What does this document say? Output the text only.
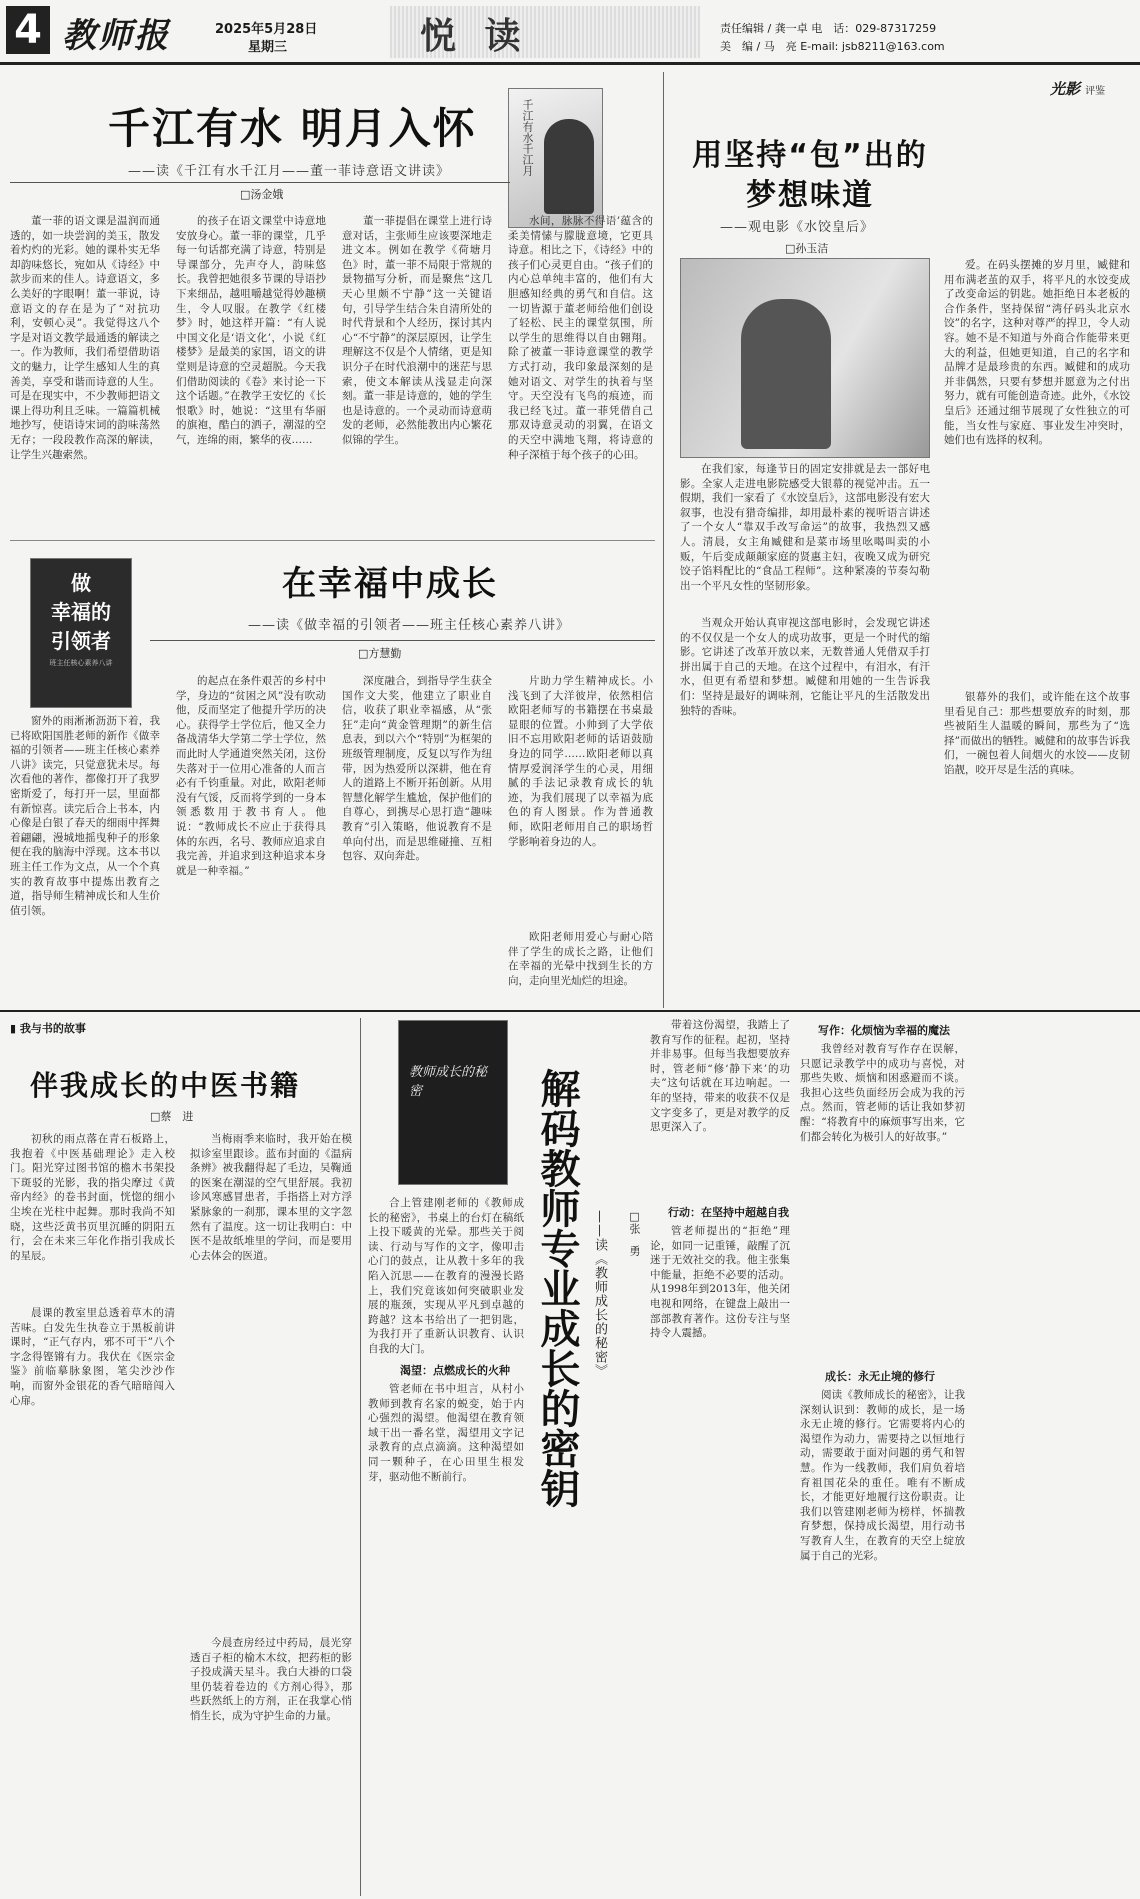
4 教师报	2025年5月28日
星期三	悦 读	责任编辑 / 龚一卓 电　话：029-87317259
美　编 / 马　亮 E-mail: jsb8211@163.com
千江有水 明月入怀	千江有水千江月
——读《千江有水千江月——董一菲诗意语文讲读》
□汤金娥
董一菲的语文课是温润而通透的，如一块尝润的美玉，散发着灼灼的光彩。她的课朴实无华却韵味悠长，宛如从《诗经》中款步而来的佳人。诗意语文，多么美好的字眼啊！董一菲说，诗意语文的存在是为了“对抗功利，安顿心灵”。我觉得这八个字是对语文教学最通透的解读之一。作为教师，我们希望借助语文的魅力，让学生感知人生的真善美，享受和谐而诗意的人生。可是在现实中，不少教师把语文课上得功利且乏味。一篇篇机械地抄写，使语诗宋词的韵味荡然无存；一段段教作高深的解读，让学生兴趣索然。
的孩子在语文课堂中诗意地安放身心。董一菲的课堂，几乎每一句话都充满了诗意，特别是导课部分，先声夺人，韵味悠长。我曾把她很多节课的导语抄下来细品，越咀嚼越觉得妙趣横生，令人叹服。在教学《红楼梦》时，她这样开篇：“有人说中国文化是‘语文化’，小说《红楼梦》是最美的家国，语文的讲堂则是诗意的空灵超脱。今天我们借助阅读的《卷》来讨论一下这个话题。”在教学王安忆的《长恨歌》时，她说：“这里有华丽的旗袍，酷白的洒子，潮湿的空气，连绵的雨，繁华的夜……
董一菲提倡在课堂上进行诗意对话，主张师生应该要深地走进文本。例如在教学《荷塘月色》时，董一菲不局限于常规的景物描写分析，而是聚焦“这几天心里颇不宁静”这一关键语句，引导学生结合朱自清所处的时代背景和个人经历，探讨其内心“不宁静”的深层原因，让学生理解这不仅是个人情绪，更是知识分子在时代浪潮中的迷茫与思索，使文本解读从浅显走向深刻。董一菲是诗意的，她的学生也是诗意的。一个灵动而诗意萌发的老师，必然能教出内心繁花似锦的学生。
水间，脉脉不得语’蕴含的柔美情愫与朦胧意境，它更具诗意。相比之下，《诗经》中的孩子们心灵更自由。“孩子们的内心总单纯丰富的，他们有大胆感知经典的勇气和自信。这一切皆源于董老师给他们创设了轻松、民主的课堂氛围，所以学生的思维得以自由翱翔。除了被董一菲诗意课堂的教学方式打动，我印象最深刻的是她对语文、对学生的执着与坚守。天空没有飞鸟的痕迹，而我已经飞过。董一菲凭借自己那双诗意灵动的羽翼，在语文的天空中满地飞翔，将诗意的种子深植于每个孩子的心田。
光影 评鉴
用坚持“包”出的梦想味道
——观电影《水饺皇后》
□孙玉洁
在我们家，每逢节日的固定安排就是去一部好电影。全家人走进电影院感受大银幕的视觉冲击。五一假期，我们一家看了《水饺皇后》，这部电影没有宏大叙事，也没有猎奇编排，却用最朴素的视听语言讲述了一个女人“靠双手改写命运”的故事，我热烈又感人。清晨，女主角臧健和是菜市场里吆喝叫卖的小贩，午后变成颠颠家庭的贤惠主妇，夜晚又成为研究饺子馅料配比的“食品工程师”。这种紧凑的节奏勾勒出一个平凡女性的坚韧形象。
爱。在码头摆摊的岁月里，臧健和用布满老茧的双手，将平凡的水饺变成了改变命运的钥匙。她拒绝日本老板的合作条件，坚持保留“湾仔码头北京水饺”的名字，这种对尊严的捍卫，令人动容。她不是不知道与外商合作能带来更大的利益，但她更知道，自己的名字和品牌才是最珍贵的东西。臧健和的成功并非偶然，只要有梦想并愿意为之付出努力，就有可能创造奇迹。此外，《水饺皇后》还通过细节展现了女性独立的可能，当女性与家庭、事业发生冲突时，她们也有选择的权利。
当观众开始认真审视这部电影时，会发现它讲述的不仅仅是一个女人的成功故事，更是一个时代的缩影。它讲述了改革开放以来，无数普通人凭借双手打拼出属于自己的天地。在这个过程中，有泪水，有汗水，但更有希望和梦想。臧健和用她的一生告诉我们：坚持是最好的调味剂，它能让平凡的生活散发出独特的香味。
银幕外的我们，或许能在这个故事里看见自己：那些想要放弃的时刻，那些被陌生人温暖的瞬间，那些为了“选择”而做出的牺牲。臧健和的故事告诉我们，一碗包着人间烟火的水饺——皮韧馅靓，咬开尽是生活的真味。
做
幸福的
引领者
班主任核心素养八讲
在幸福中成长
——读《做幸福的引领者——班主任核心素养八讲》
□方慧勤
窗外的雨淅淅沥沥下着，我已将欧阳国胜老师的新作《做幸福的引领者——班主任核心素养八讲》读完，只觉意犹未尽。每次看他的著作，都像打开了我罗密斯爱了，每打开一层，里面都有新惊喜。读完后合上书本，内心像是白银了春天的细雨中挥舞着翩翩，漫城地摇曳种子的形象便在我的脑海中浮现。这本书以班主任工作为文点，从一个个真实的教育故事中提炼出教育之道，指导师生精神成长和人生价值引领。
的起点在条件艰苦的乡村中学，身边的“贫困之风”没有吹动他，反而坚定了他提升学历的决心。获得学士学位后，他又全力备战清华大学第二学士学位，然而此时人学通道突然关闭，这份失落对于一位用心准备的人而言必有千钧重量。对此，欧阳老师没有气馁，反而将学到的一身本领悉数用于教书育人。他说：“教师成长不应止于获得具体的东西，名号、教师应追求自我完善，并追求到这种追求本身就是一种幸福。”
深度融合，到指导学生获全国作文大奖，他建立了职业自信，收获了职业幸福感，从“张狂”走向“黄金管理期”的新生信息表，到以六个“特别”为框架的班级管理制度，反复以写作为纽带，因为热爱所以深耕，他在育人的道路上不断开拓创新。从用智慧化解学生尴尬，保护他们的自尊心，到携尽心思打造“趣味教育”引入策略，他说教育不是单向付出，而是思维碰撞、互相包容、双向奔赴。
片助力学生精神成长。小浅飞到了大洋彼岸，依然相信欧阳老师写的书籍摆在书桌最显眼的位置。小帅到了大学依旧不忘用欧阳老师的话语鼓励身边的同学……欧阳老师以真情厚爱润泽学生的心灵，用细腻的手法记录教育成长的轨迹，为我们展现了以幸福为底色的育人图景。作为普通教师，欧阳老师用自己的职场哲学影响着身边的人。
欧阳老师用爱心与耐心陪伴了学生的成长之路，让他们在幸福的光晕中找到生长的方向，走向里光灿烂的坦途。
▮ 我与书的故事
伴我成长的中医书籍
□蔡　进
初秋的雨点落在青石板路上，我抱着《中医基础理论》走入校门。阳光穿过图书馆的檐木书架投下斑驳的光影，我的指尖摩过《黄帝内经》的卷书封面，恍惚的细小尘埃在光柱中起舞。那时我尚不知晓，这些泛黄书页里沉睡的阴阳五行，会在未来三年化作指引我成长的星辰。
晨课的教室里总透着草木的清苦味。白发先生执卷立于黑板前讲课时，“正气存内，邪不可干”八个字念得铿锵有力。我伏在《医宗金鉴》前临摹脉象图，笔尖沙沙作响，而窗外金银花的香气暗暗闯入心扉。
当梅雨季来临时，我开始在模拟诊室里跟诊。蓝布封面的《温病条辨》被我翻得起了毛边，吴鞠通的医案在潮湿的空气里舒展。我初诊风寒感冒患者，手指搭上对方浮紧脉象的一刹那，课本里的文字忽然有了温度。这一切让我明白：中医不是故纸堆里的学问，而是要用心去体会的医道。
今晨查房经过中药局，晨光穿透百子柜的榆木木纹，把药柜的影子投成满天星斗。我白大褂的口袋里仍装着卷边的《方剂心得》，那些跃然纸上的方剂，正在我掌心悄悄生长，成为守护生命的力量。
教师成长的秘密	解码教师专业成长的密钥 ——读《教师成长的秘密》 □张　勇
合上管建刚老师的《教师成长的秘密》，书桌上的台灯在稿纸上投下暖黄的光晕。那些关于阅读、行动与写作的文字，像叩击心门的鼓点，让从教十多年的我陷入沉思——在教育的漫漫长路上，我们究竟该如何突破职业发展的瓶颈，实现从平凡到卓越的跨越？这本书给出了一把钥匙，为我打开了重新认识教育、认识自我的大门。
渴望：点燃成长的火种
管老师在书中坦言，从村小教师到教育名家的蜕变，始于内心强烈的渴望。他渴望在教育领域干出一番名堂，渴望用文字记录教育的点点滴滴。这种渴望如同一颗种子，在心田里生根发芽，驱动他不断前行。
带着这份渴望，我踏上了教育写作的征程。起初，坚持并非易事。但每当我想要放弃时，管老师“修‘静下来’的功夫”这句话就在耳边响起。一年的坚持，带来的收获不仅是文字变多了，更是对教学的反思更深入了。
行动：在坚持中超越自我
管老师提出的“拒绝”理论，如同一记重锤，敲醒了沉迷于无效社交的我。他主张集中能量，拒绝不必要的活动。从1998年到2013年，他关闭电视和网络，在键盘上敲出一部部教育著作。这份专注与坚持令人震撼。
写作：化烦恼为幸福的魔法
我曾经对教育写作存在误解，只愿记录教学中的成功与喜悦，对那些失败、烦恼和困惑避而不谈。我担心这些负面经历会成为我的污点。然而，管老师的话让我如梦初醒：“将教育中的麻烦事写出来，它们都会转化为极引人的好故事。”
成长：永无止境的修行
阅读《教师成长的秘密》，让我深刻认识到：教师的成长，是一场永无止境的修行。它需要将内心的渴望作为动力，需要持之以恒地行动，需要敢于面对问题的勇气和智慧。作为一线教师，我们肩负着培育祖国花朵的重任。唯有不断成长，才能更好地履行这份职责。让我们以管建刚老师为榜样，怀揣教育梦想，保持成长渴望，用行动书写教育人生，在教育的天空上绽放属于自己的光彩。
